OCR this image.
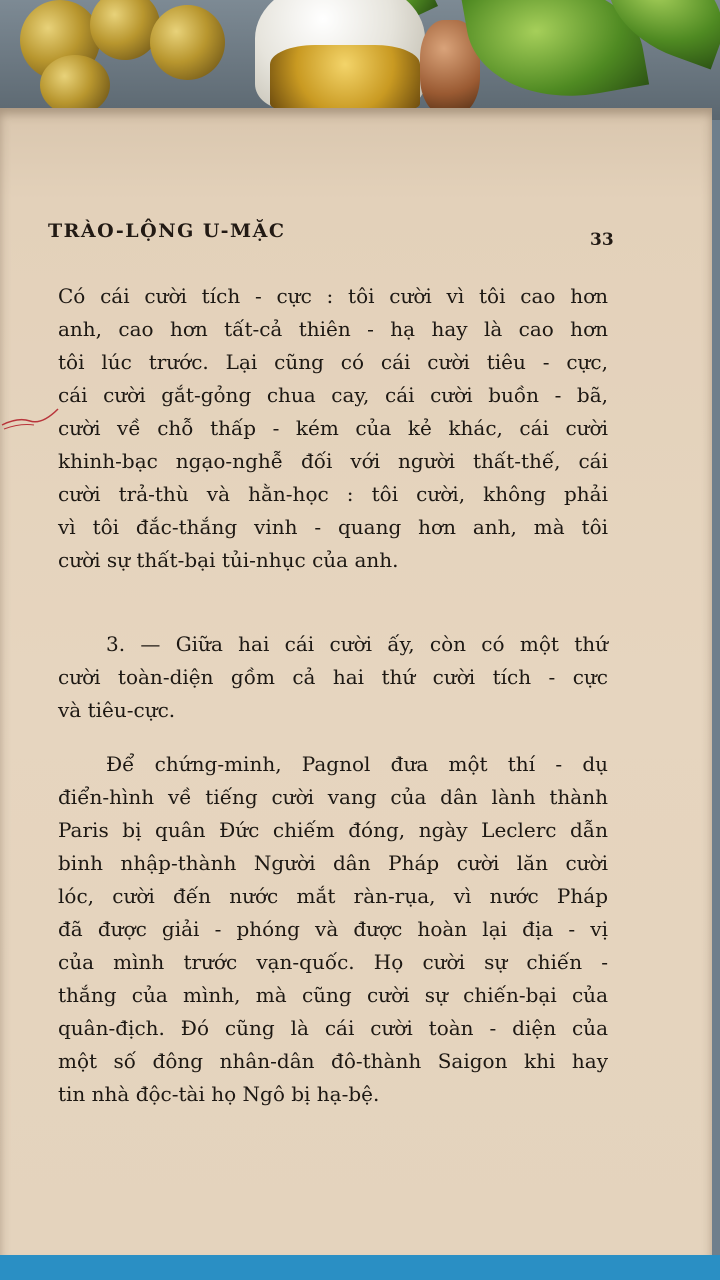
TRÀO-LỘNG U-MẶC	33
Có cái cười tích - cực : tôi cười vì tôi cao hơn
anh, cao hơn tất-cả thiên - hạ hay là cao hơn
tôi lúc trước. Lại cũng có cái cười tiêu - cực,
cái cười gắt-gỏng chua cay, cái cười buồn - bã,
cười về chỗ thấp - kém của kẻ khác, cái cười
khinh-bạc ngạo-nghễ đối với người thất-thế, cái
cười trả-thù và hằn-học : tôi cười, không phải
vì tôi đắc-thắng vinh - quang hơn anh, mà tôi
cười sự thất-bại tủi-nhục của anh.
3. — Giữa hai cái cười ấy, còn có một thứ
cười toàn-diện gồm cả hai thứ cười tích - cực
và tiêu-cực.
Để chứng-minh, Pagnol đưa một thí - dụ
điển-hình về tiếng cười vang của dân lành thành
Paris bị quân Đức chiếm đóng, ngày Leclerc dẫn
binh nhập-thành Người dân Pháp cười lăn cười
lóc, cười đến nước mắt ràn-rụa, vì nước Pháp
đã được giải - phóng và được hoàn lại địa - vị
của mình trước vạn-quốc. Họ cười sự chiến -
thắng của mình, mà cũng cười sự chiến-bại của
quân-địch. Đó cũng là cái cười toàn - diện của
một số đông nhân-dân đô-thành Saigon khi hay
tin nhà độc-tài họ Ngô bị hạ-bệ.
